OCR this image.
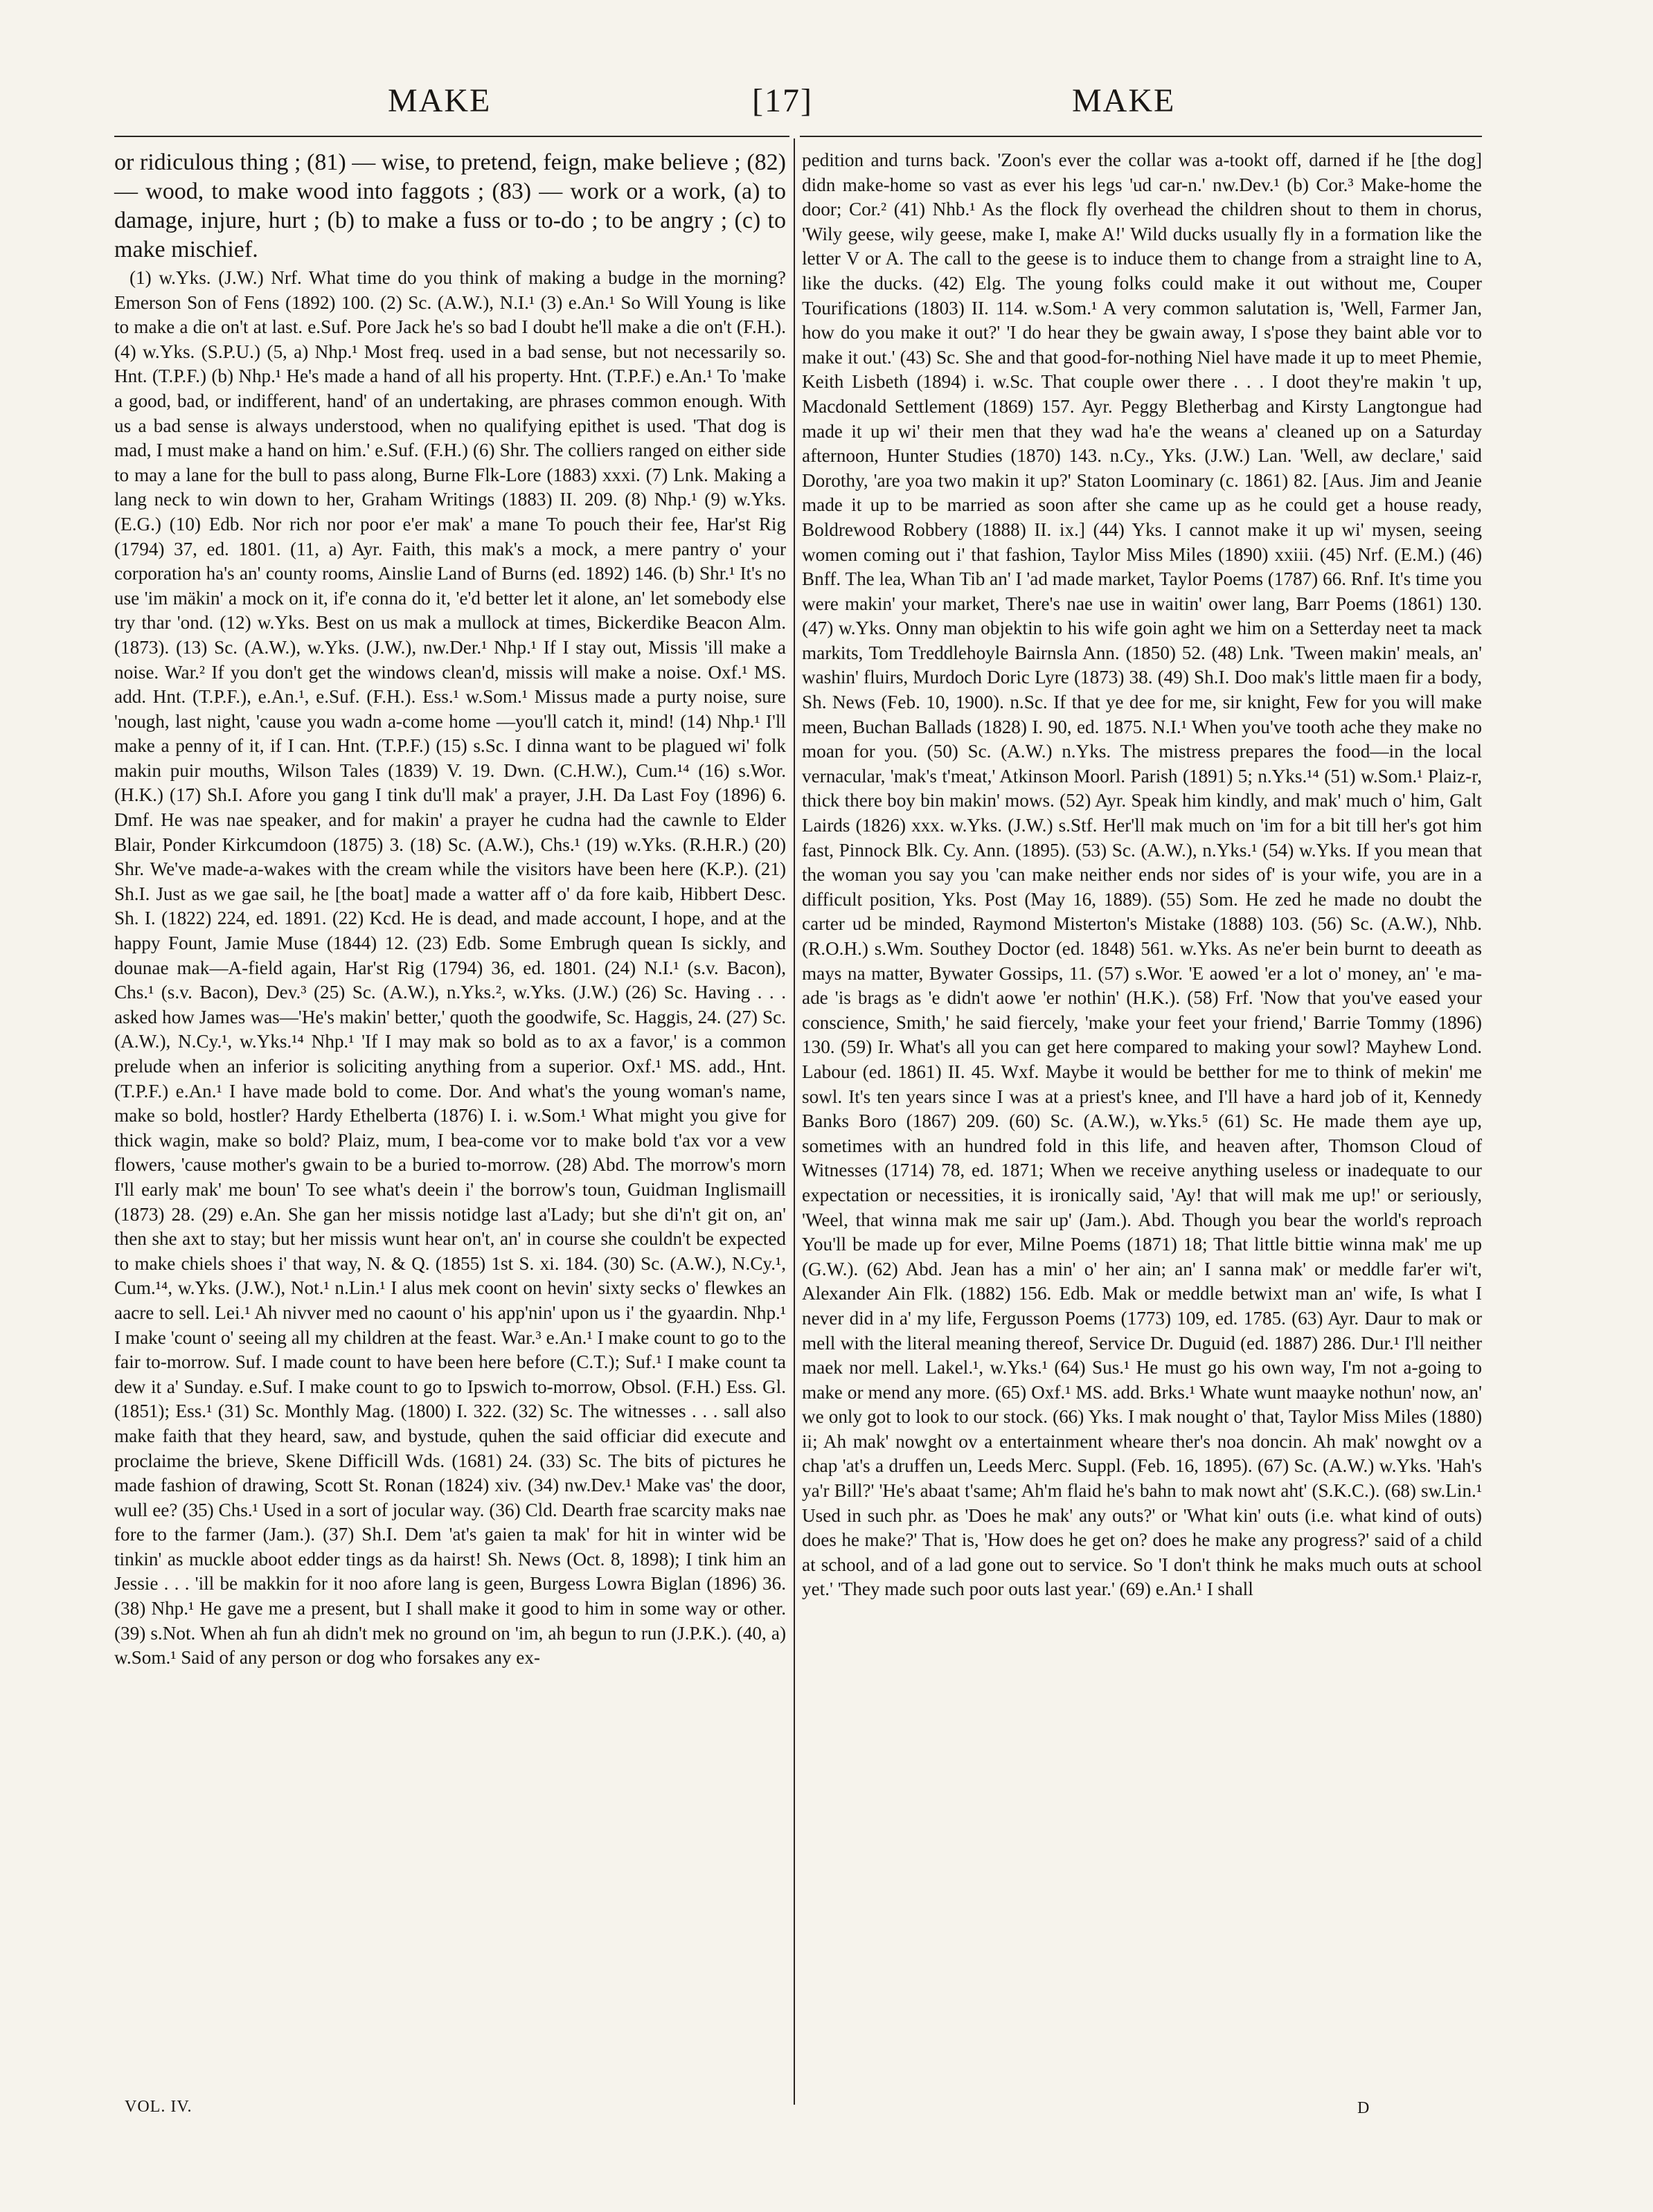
MAKE	[17]	MAKE

or ridiculous thing ; (81) — wise, to pretend, feign, make believe ; (82) — wood, to make wood into faggots ; (83) — work or a work, (a) to damage, injure, hurt ; (b) to make a fuss or to-do ; to be angry ; (c) to make mischief.

(1) w.Yks. (J.W.) Nrf. What time do you think of making a budge in the morning? Emerson Son of Fens (1892) 100. (2) Sc. (A.W.), N.I.¹ (3) e.An.¹ So Will Young is like to make a die on't at last. e.Suf. Pore Jack he's so bad I doubt he'll make a die on't (F.H.). (4) w.Yks. (S.P.U.) (5, a) Nhp.¹ Most freq. used in a bad sense, but not necessarily so. Hnt. (T.P.F.) (b) Nhp.¹ He's made a hand of all his property. Hnt. (T.P.F.) e.An.¹ To 'make a good, bad, or indifferent, hand' of an undertaking, are phrases common enough. With us a bad sense is always understood, when no qualifying epithet is used. 'That dog is mad, I must make a hand on him.' e.Suf. (F.H.) (6) Shr. The colliers ranged on either side to may a lane for the bull to pass along, Burne Flk-Lore (1883) xxxi. (7) Lnk. Making a lang neck to win down to her, Graham Writings (1883) II. 209. (8) Nhp.¹ (9) w.Yks. (E.G.) (10) Edb. Nor rich nor poor e'er mak' a mane To pouch their fee, Har'st Rig (1794) 37, ed. 1801. (11, a) Ayr. Faith, this mak's a mock, a mere pantry o' your corporation ha's an' county rooms, Ainslie Land of Burns (ed. 1892) 146. (b) Shr.¹ It's no use 'im mäkin' a mock on it, if'e conna do it, 'e'd better let it alone, an' let somebody else try thar 'ond. (12) w.Yks. Best on us mak a mullock at times, Bickerdike Beacon Alm. (1873). (13) Sc. (A.W.), w.Yks. (J.W.), nw.Der.¹ Nhp.¹ If I stay out, Missis 'ill make a noise. War.² If you don't get the windows clean'd, missis will make a noise. Oxf.¹ MS. add. Hnt. (T.P.F.), e.An.¹, e.Suf. (F.H.). Ess.¹ w.Som.¹ Missus made a purty noise, sure 'nough, last night, 'cause you wadn a-come home —you'll catch it, mind! (14) Nhp.¹ I'll make a penny of it, if I can. Hnt. (T.P.F.) (15) s.Sc. I dinna want to be plagued wi' folk makin puir mouths, Wilson Tales (1839) V. 19. Dwn. (C.H.W.), Cum.¹⁴ (16) s.Wor. (H.K.) (17) Sh.I. Afore you gang I tink du'll mak' a prayer, J.H. Da Last Foy (1896) 6. Dmf. He was nae speaker, and for makin' a prayer he cudna had the cawnle to Elder Blair, Ponder Kirkcumdoon (1875) 3. (18) Sc. (A.W.), Chs.¹ (19) w.Yks. (R.H.R.) (20) Shr. We've made-a-wakes with the cream while the visitors have been here (K.P.). (21) Sh.I. Just as we gae sail, he [the boat] made a watter aff o' da fore kaib, Hibbert Desc. Sh. I. (1822) 224, ed. 1891. (22) Kcd. He is dead, and made account, I hope, and at the happy Fount, Jamie Muse (1844) 12. (23) Edb. Some Embrugh quean Is sickly, and dounae mak—A-field again, Har'st Rig (1794) 36, ed. 1801. (24) N.I.¹ (s.v. Bacon), Chs.¹ (s.v. Bacon), Dev.³ (25) Sc. (A.W.), n.Yks.², w.Yks. (J.W.) (26) Sc. Having . . . asked how James was—'He's makin' better,' quoth the goodwife, Sc. Haggis, 24. (27) Sc. (A.W.), N.Cy.¹, w.Yks.¹⁴ Nhp.¹ 'If I may mak so bold as to ax a favor,' is a common prelude when an inferior is soliciting anything from a superior. Oxf.¹ MS. add., Hnt. (T.P.F.) e.An.¹ I have made bold to come. Dor. And what's the young woman's name, make so bold, hostler? Hardy Ethelberta (1876) I. i. w.Som.¹ What might you give for thick wagin, make so bold? Plaiz, mum, I bea-come vor to make bold t'ax vor a vew flowers, 'cause mother's gwain to be a buried to-morrow. (28) Abd. The morrow's morn I'll early mak' me boun' To see what's deein i' the borrow's toun, Guidman Inglismaill (1873) 28. (29) e.An. She gan her missis notidge last a'Lady; but she di'n't git on, an' then she axt to stay; but her missis wunt hear on't, an' in course she couldn't be expected to make chiels shoes i' that way, N. & Q. (1855) 1st S. xi. 184. (30) Sc. (A.W.), N.Cy.¹, Cum.¹⁴, w.Yks. (J.W.), Not.¹ n.Lin.¹ I alus mek coont on hevin' sixty secks o' flewkes an aacre to sell. Lei.¹ Ah nivver med no caount o' his app'nin' upon us i' the gyaardin. Nhp.¹ I make 'count o' seeing all my children at the feast. War.³ e.An.¹ I make count to go to the fair to-morrow. Suf. I made count to have been here before (C.T.); Suf.¹ I make count ta dew it a' Sunday. e.Suf. I make count to go to Ipswich to-morrow, Obsol. (F.H.) Ess. Gl. (1851); Ess.¹ (31) Sc. Monthly Mag. (1800) I. 322. (32) Sc. The witnesses . . . sall also make faith that they heard, saw, and bystude, quhen the said officiar did execute and proclaime the brieve, Skene Difficill Wds. (1681) 24. (33) Sc. The bits of pictures he made fashion of drawing, Scott St. Ronan (1824) xiv. (34) nw.Dev.¹ Make vas' the door, wull ee? (35) Chs.¹ Used in a sort of jocular way. (36) Cld. Dearth frae scarcity maks nae fore to the farmer (Jam.). (37) Sh.I. Dem 'at's gaien ta mak' for hit in winter wid be tinkin' as muckle aboot edder tings as da hairst! Sh. News (Oct. 8, 1898); I tink him an Jessie . . . 'ill be makkin for it noo afore lang is geen, Burgess Lowra Biglan (1896) 36. (38) Nhp.¹ He gave me a present, but I shall make it good to him in some way or other. (39) s.Not. When ah fun ah didn't mek no ground on 'im, ah begun to run (J.P.K.). (40, a) w.Som.¹ Said of any person or dog who forsakes any ex-

pedition and turns back. 'Zoon's ever the collar was a-tookt off, darned if he [the dog] didn make-home so vast as ever his legs 'ud car-n.' nw.Dev.¹ (b) Cor.³ Make-home the door; Cor.² (41) Nhb.¹ As the flock fly overhead the children shout to them in chorus, 'Wily geese, wily geese, make I, make A!' Wild ducks usually fly in a formation like the letter V or A. The call to the geese is to induce them to change from a straight line to A, like the ducks. (42) Elg. The young folks could make it out without me, Couper Tourifications (1803) II. 114. w.Som.¹ A very common salutation is, 'Well, Farmer Jan, how do you make it out?' 'I do hear they be gwain away, I s'pose they baint able vor to make it out.' (43) Sc. She and that good-for-nothing Niel have made it up to meet Phemie, Keith Lisbeth (1894) i. w.Sc. That couple ower there . . . I doot they're makin 't up, Macdonald Settlement (1869) 157. Ayr. Peggy Bletherbag and Kirsty Langtongue had made it up wi' their men that they wad ha'e the weans a' cleaned up on a Saturday afternoon, Hunter Studies (1870) 143. n.Cy., Yks. (J.W.) Lan. 'Well, aw declare,' said Dorothy, 'are yoa two makin it up?' Staton Loominary (c. 1861) 82. [Aus. Jim and Jeanie made it up to be married as soon after she came up as he could get a house ready, Boldrewood Robbery (1888) II. ix.] (44) Yks. I cannot make it up wi' mysen, seeing women coming out i' that fashion, Taylor Miss Miles (1890) xxiii. (45) Nrf. (E.M.) (46) Bnff. The lea, Whan Tib an' I 'ad made market, Taylor Poems (1787) 66. Rnf. It's time you were makin' your market, There's nae use in waitin' ower lang, Barr Poems (1861) 130. (47) w.Yks. Onny man objektin to his wife goin aght we him on a Setterday neet ta mack markits, Tom Treddlehoyle Bairnsla Ann. (1850) 52. (48) Lnk. 'Tween makin' meals, an' washin' fluirs, Murdoch Doric Lyre (1873) 38. (49) Sh.I. Doo mak's little maen fir a body, Sh. News (Feb. 10, 1900). n.Sc. If that ye dee for me, sir knight, Few for you will make meen, Buchan Ballads (1828) I. 90, ed. 1875. N.I.¹ When you've tooth ache they make no moan for you. (50) Sc. (A.W.) n.Yks. The mistress prepares the food—in the local vernacular, 'mak's t'meat,' Atkinson Moorl. Parish (1891) 5; n.Yks.¹⁴ (51) w.Som.¹ Plaiz-r, thick there boy bin makin' mows. (52) Ayr. Speak him kindly, and mak' much o' him, Galt Lairds (1826) xxx. w.Yks. (J.W.) s.Stf. Her'll mak much on 'im for a bit till her's got him fast, Pinnock Blk. Cy. Ann. (1895). (53) Sc. (A.W.), n.Yks.¹ (54) w.Yks. If you mean that the woman you say you 'can make neither ends nor sides of' is your wife, you are in a difficult position, Yks. Post (May 16, 1889). (55) Som. He zed he made no doubt the carter ud be minded, Raymond Misterton's Mistake (1888) 103. (56) Sc. (A.W.), Nhb. (R.O.H.) s.Wm. Southey Doctor (ed. 1848) 561. w.Yks. As ne'er bein burnt to deeath as mays na matter, Bywater Gossips, 11. (57) s.Wor. 'E aowed 'er a lot o' money, an' 'e ma-ade 'is brags as 'e didn't aowe 'er nothin' (H.K.). (58) Frf. 'Now that you've eased your conscience, Smith,' he said fiercely, 'make your feet your friend,' Barrie Tommy (1896) 130. (59) Ir. What's all you can get here compared to making your sowl? Mayhew Lond. Labour (ed. 1861) II. 45. Wxf. Maybe it would be betther for me to think of mekin' me sowl. It's ten years since I was at a priest's knee, and I'll have a hard job of it, Kennedy Banks Boro (1867) 209. (60) Sc. (A.W.), w.Yks.⁵ (61) Sc. He made them aye up, sometimes with an hundred fold in this life, and heaven after, Thomson Cloud of Witnesses (1714) 78, ed. 1871; When we receive anything useless or inadequate to our expectation or necessities, it is ironically said, 'Ay! that will mak me up!' or seriously, 'Weel, that winna mak me sair up' (Jam.). Abd. Though you bear the world's reproach You'll be made up for ever, Milne Poems (1871) 18; That little bittie winna mak' me up (G.W.). (62) Abd. Jean has a min' o' her ain; an' I sanna mak' or meddle far'er wi't, Alexander Ain Flk. (1882) 156. Edb. Mak or meddle betwixt man an' wife, Is what I never did in a' my life, Fergusson Poems (1773) 109, ed. 1785. (63) Ayr. Daur to mak or mell with the literal meaning thereof, Service Dr. Duguid (ed. 1887) 286. Dur.¹ I'll neither maek nor mell. Lakel.¹, w.Yks.¹ (64) Sus.¹ He must go his own way, I'm not a-going to make or mend any more. (65) Oxf.¹ MS. add. Brks.¹ Whate wunt maayke nothun' now, an' we only got to look to our stock. (66) Yks. I mak nought o' that, Taylor Miss Miles (1880) ii; Ah mak' nowght ov a entertainment wheare ther's noa doncin. Ah mak' nowght ov a chap 'at's a druffen un, Leeds Merc. Suppl. (Feb. 16, 1895). (67) Sc. (A.W.) w.Yks. 'Hah's ya'r Bill?' 'He's abaat t'same; Ah'm flaid he's bahn to mak nowt aht' (S.K.C.). (68) sw.Lin.¹ Used in such phr. as 'Does he mak' any outs?' or 'What kin' outs (i.e. what kind of outs) does he make?' That is, 'How does he get on? does he make any progress?' said of a child at school, and of a lad gone out to service. So 'I don't think he maks much outs at school yet.' 'They made such poor outs last year.' (69) e.An.¹ I shall

VOL. IV.	D
